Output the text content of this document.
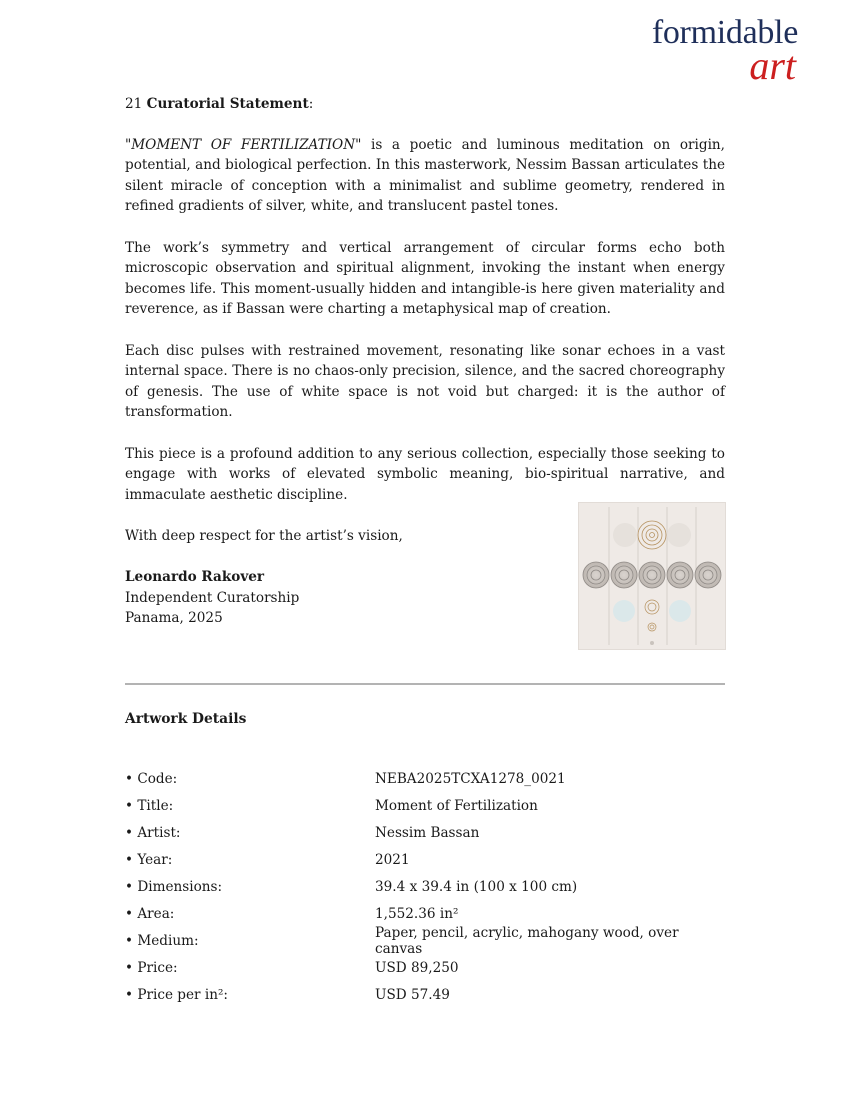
formidable
art
21 Curatorial Statement:

"MOMENT OF FERTILIZATION" is a poetic and luminous meditation on origin, potential, and biological perfection. In this masterwork, Nessim Bassan articulates the silent miracle of conception with a minimalist and sublime geometry, rendered in refined gradients of silver, white, and translucent pastel tones.

The work’s symmetry and vertical arrangement of circular forms echo both microscopic observation and spiritual alignment, invoking the instant when energy becomes life. This moment-usually hidden and intangible-is here given materiality and reverence, as if Bassan were charting a metaphysical map of creation.

Each disc pulses with restrained movement, resonating like sonar echoes in a vast internal space. There is no chaos-only precision, silence, and the sacred choreography of genesis. The use of white space is not void but charged: it is the author of transformation.

This piece is a profound addition to any serious collection, especially those seeking to engage with works of elevated symbolic meaning, bio-spiritual narrative, and immaculate aesthetic discipline.

With deep respect for the artist’s vision,

Leonardo Rakover
Independent Curatorship
Panama, 2025
Artwork Details
• Code:	NEBA2025TCXA1278_0021
• Title:	Moment of Fertilization
• Artist:	Nessim Bassan
• Year:	2021
• Dimensions:	39.4 x 39.4 in (100 x 100 cm)
• Area:	1,552.36 in²
• Medium:	Paper, pencil, acrylic, mahogany wood, over canvas
• Price:	USD 89,250
• Price per in²:	USD 57.49
